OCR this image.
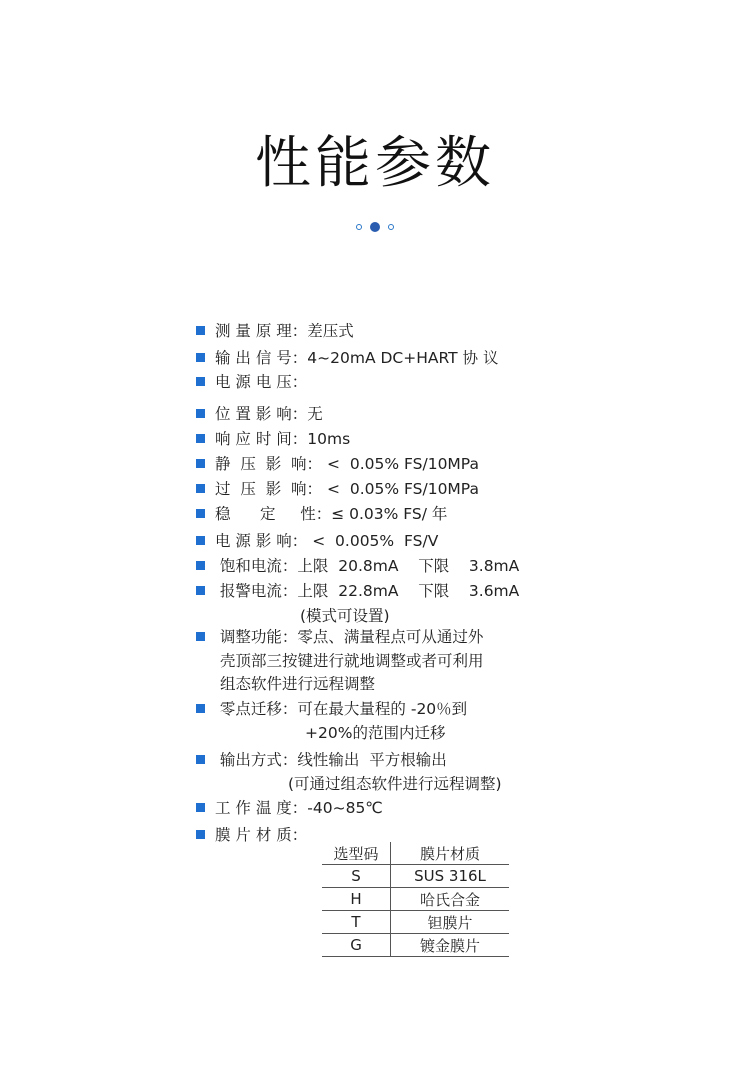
性能参数
测 量 原 理：差压式
输 出 信 号：4~20mA DC+HART 协 议
电 源 电 压：
位 置 影 响：无
响 应 时 间：10ms
静  压  影  响： <  0.05% FS/10MPa
过  压  影  响： <  0.05% FS/10MPa
稳      定     性：≤ 0.03% FS/ 年
电 源 影 响： <  0.005%  FS/V
饱和电流：上限  20.8mA    下限    3.8mA
报警电流：上限  22.8mA    下限    3.6mA
(模式可设置)
调整功能：零点、满量程点可从通过外
壳顶部三按键进行就地调整或者可利用
组态软件进行远程调整
零点迁移：可在最大量程的 -20％到
+20%的范围内迁移
输出方式：线性输出  平方根输出
(可通过组态软件进行远程调整)
工 作 温 度：-40~85℃
膜 片 材 质：
选型码	膜片材质
S	SUS 316L
H	哈氏合金
T	钽膜片
G	镀金膜片
